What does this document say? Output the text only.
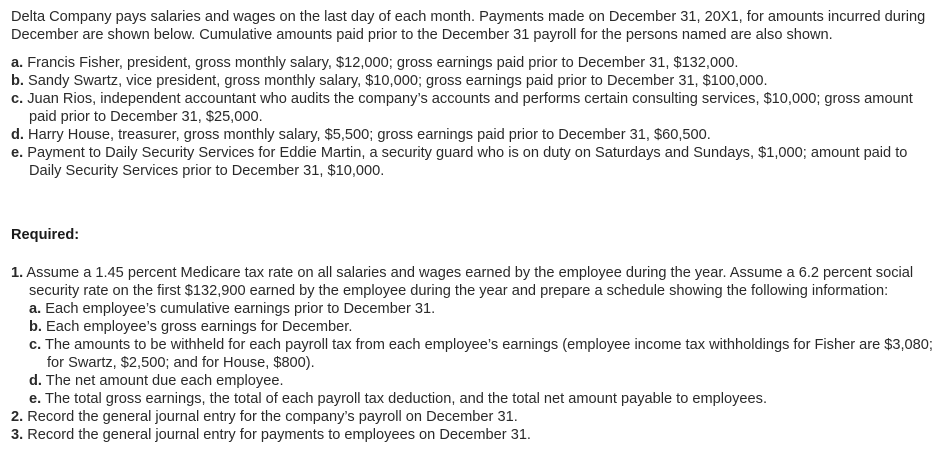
Delta Company pays salaries and wages on the last day of each month. Payments made on December 31, 20X1, for amounts incurred during December are shown below. Cumulative amounts paid prior to the December 31 payroll for the persons named are also shown.

a. Francis Fisher, president, gross monthly salary, $12,000; gross earnings paid prior to December 31, $132,000.

b. Sandy Swartz, vice president, gross monthly salary, $10,000; gross earnings paid prior to December 31, $100,000.

c. Juan Rios, independent accountant who audits the company’s accounts and performs certain consulting services, $10,000; gross amount paid prior to December 31, $25,000.

d. Harry House, treasurer, gross monthly salary, $5,500; gross earnings paid prior to December 31, $60,500.

e. Payment to Daily Security Services for Eddie Martin, a security guard who is on duty on Saturdays and Sundays, $1,000; amount paid to Daily Security Services prior to December 31, $10,000.

Required:

1. Assume a 1.45 percent Medicare tax rate on all salaries and wages earned by the employee during the year. Assume a 6.2 percent social security rate on the first $132,900 earned by the employee during the year and prepare a schedule showing the following information:

a. Each employee’s cumulative earnings prior to December 31.

b. Each employee’s gross earnings for December.

c. The amounts to be withheld for each payroll tax from each employee’s earnings (employee income tax withholdings for Fisher are $3,080; for Swartz, $2,500; and for House, $800).

d. The net amount due each employee.

e. The total gross earnings, the total of each payroll tax deduction, and the total net amount payable to employees.

2. Record the general journal entry for the company’s payroll on December 31.

3. Record the general journal entry for payments to employees on December 31.
